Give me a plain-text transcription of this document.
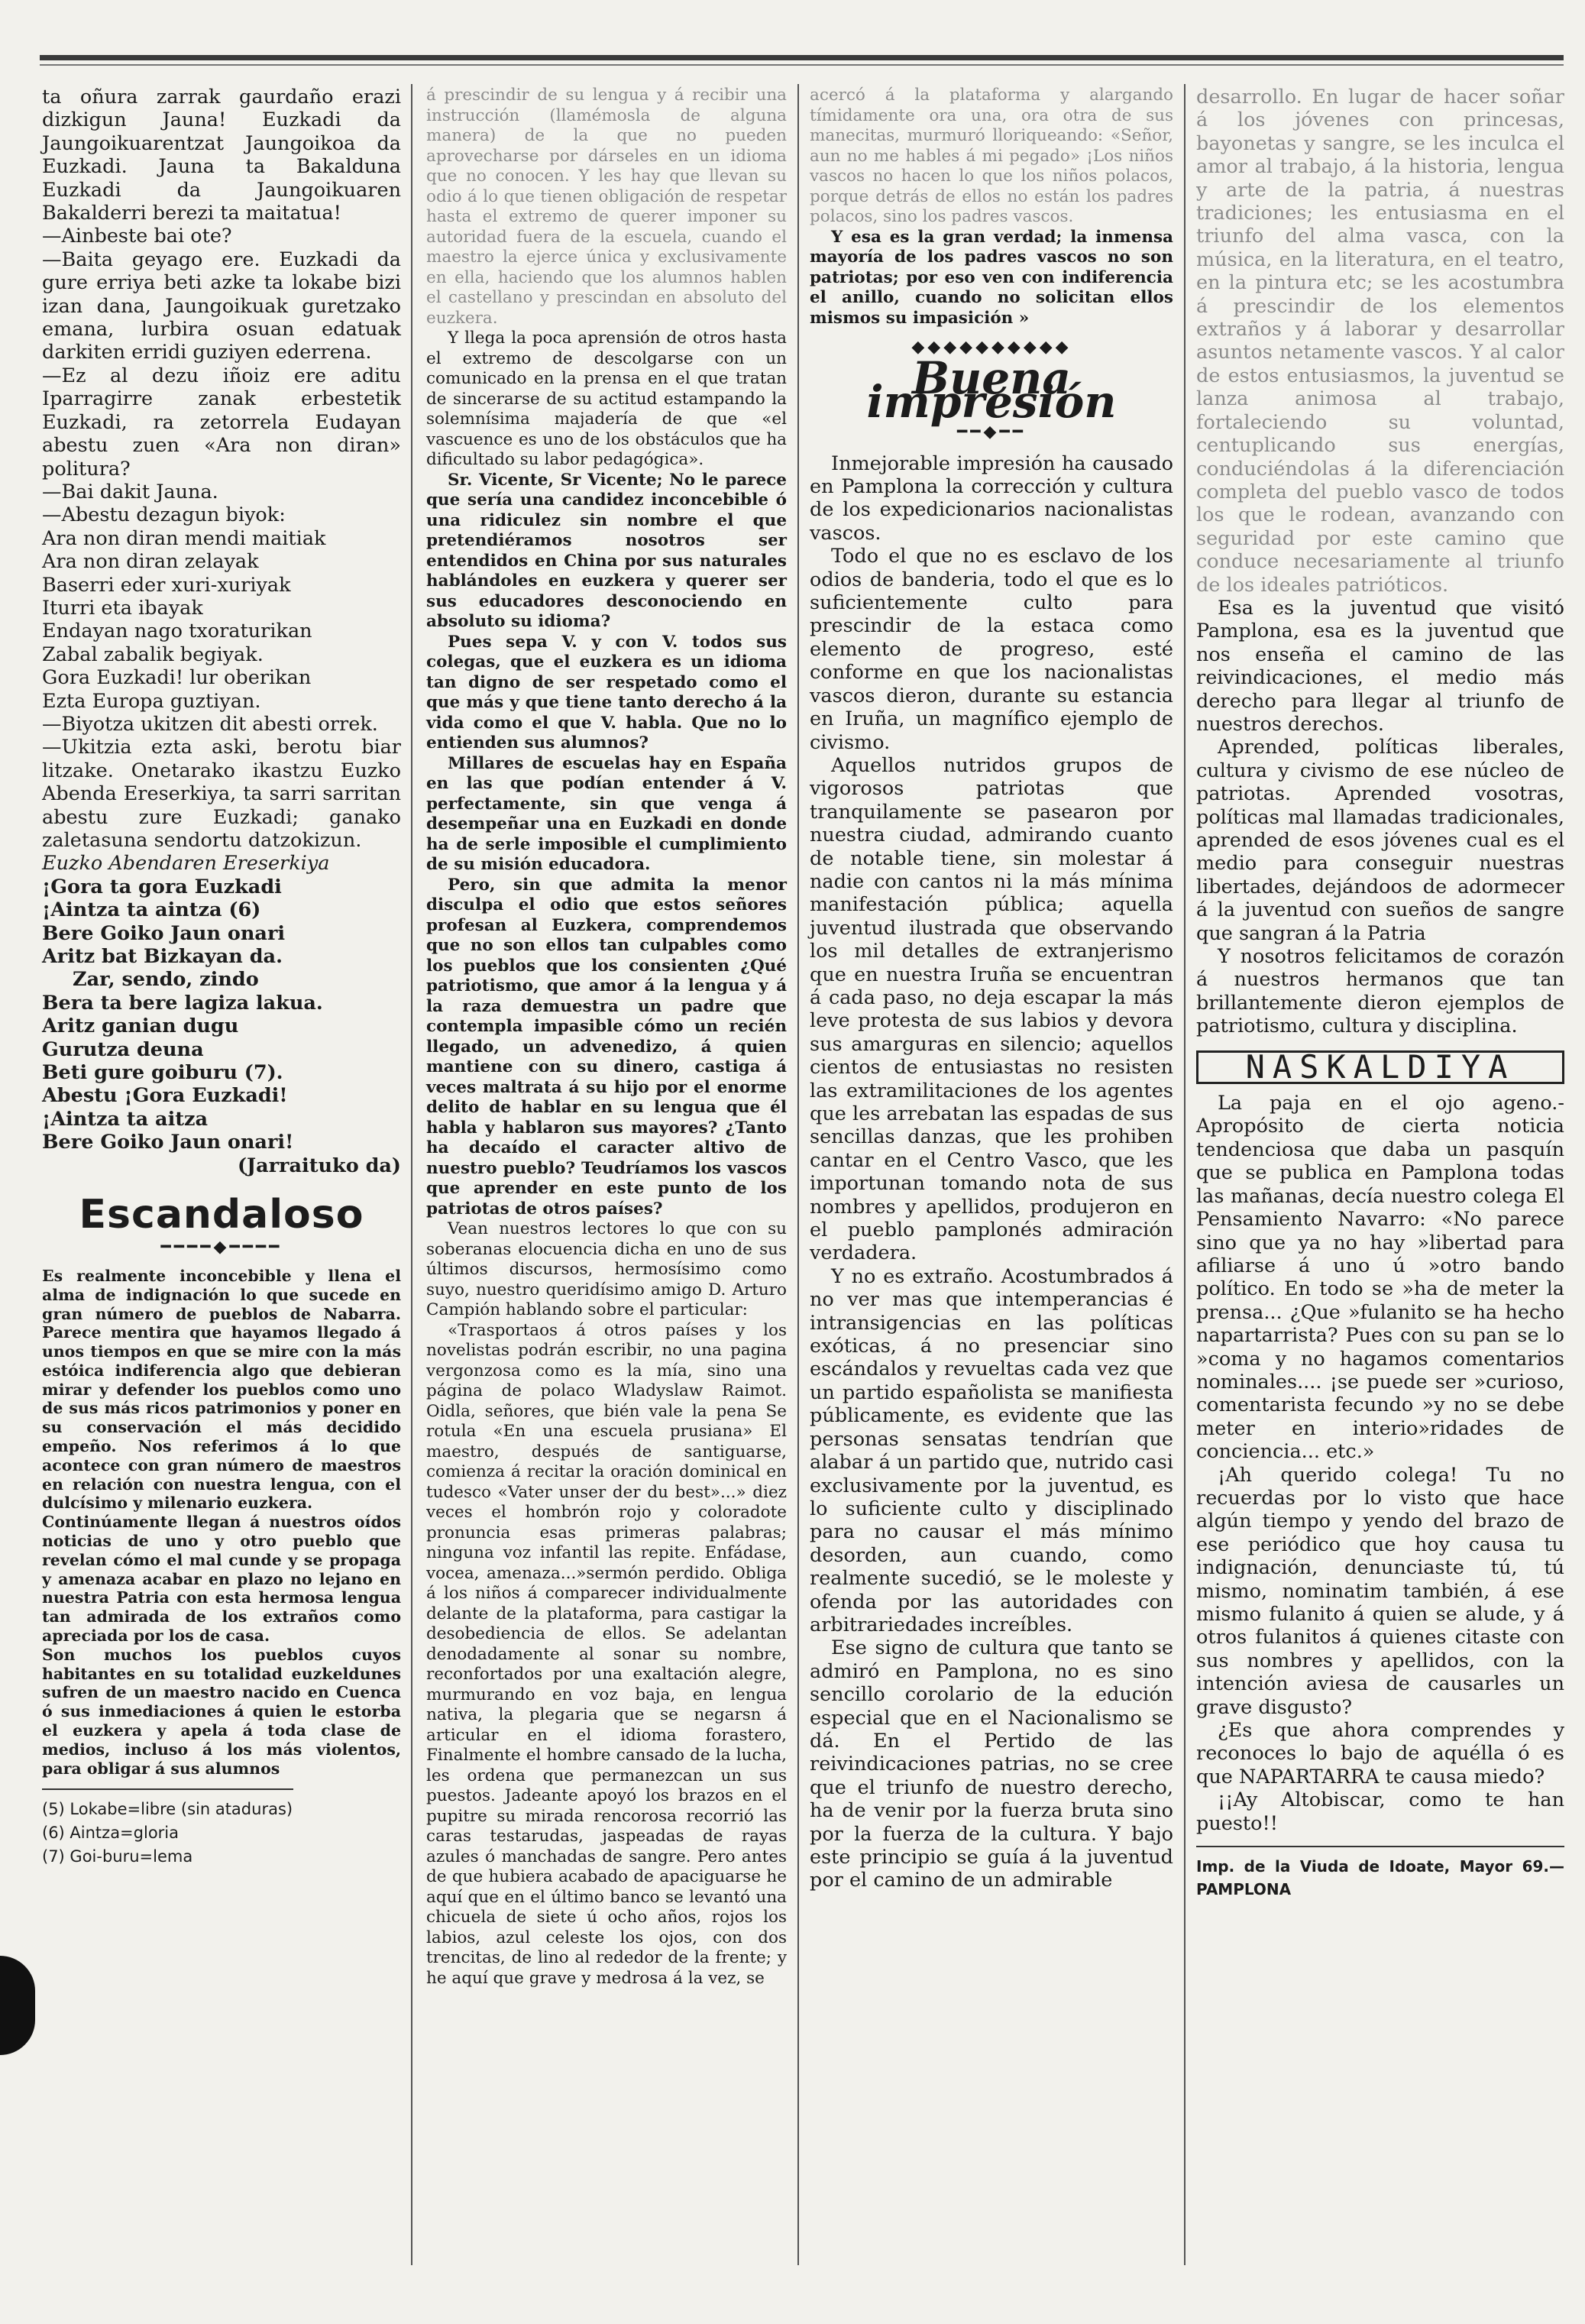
ta oñura zarrak gaurdaño erazi dizkigun Jauna! Euzkadi da Jaungoikuarentzat Jaungoikoa da Euzkadi. Jauna ta Bakalduna Euzkadi da Jaungoikuaren Bakalderri berezi ta maitatua!

—Ainbeste bai ote?

—Baita geyago ere. Euzkadi da gure erriya beti azke ta lokabe bizi izan dana, Jaungoikuak guretzako emana, lurbira osuan edatuak darkiten erridi guziyen ederrena.

—Ez al dezu iñoiz ere aditu Iparragirre zanak erbestetik Euzkadi, ra zetorrela Eudayan abestu zuen «Ara non diran» politura?

—Bai dakit Jauna.

—Abestu dezagun biyok:

Ara non diran mendi maitiak
Ara non diran zelayak
Baserri eder xuri-xuriyak
Iturri eta ibayak
Endayan nago txoraturikan
Zabal zabalik begiyak.
Gora Euzkadi! lur oberikan
Ezta Europa guztiyan.

—Biyotza ukitzen dit abesti orrek.

—Ukitzia ezta aski, berotu biar litzake. Onetarako ikastzu Euzko Abenda Ereserkiya, ta sarri sarritan abestu zure Euzkadi; ganako zaletasuna sendortu datzokizun.

Euzko Abendaren Ereserkiya

¡Gora ta gora Euzkadi
¡Aintza ta aintza (6)
Bere Goiko Jaun onari
Aritz bat Bizkayan da.
Zar, sendo, zindo
Bera ta bere lagiza lakua.
Aritz ganian dugu
Gurutza deuna
Beti gure goiburu (7).
Abestu ¡Gora Euzkadi!
¡Aintza ta aitza
Bere Goiko Jaun onari!

(Jarraituko da)

Escandaloso
━━━━◆━━━━

Es realmente inconcebible y llena el alma de indignación lo que sucede en gran número de pueblos de Nabarra. Parece mentira que hayamos llegado á unos tiempos en que se mire con la más estóica indiferencia algo que debieran mirar y defender los pueblos como uno de sus más ricos patrimonios y poner en su conservación el más decidido empeño. Nos referimos á lo que acontece con gran número de maestros en relación con nuestra lengua, con el dulcísimo y milenario euzkera.

Continúamente llegan á nuestros oídos noticias de uno y otro pueblo que revelan cómo el mal cunde y se propaga y amenaza acabar en plazo no lejano en nuestra Patria con esta hermosa lengua tan admirada de los extraños como apreciada por los de casa.

Son muchos los pueblos cuyos habitantes en su totalidad euzkeldunes sufren de un maestro nacido en Cuenca ó sus inmediaciones á quien le estorba el euzkera y apela á toda clase de medios, incluso á los más violentos, para obligar á sus alumnos

(5) Lokabe=libre (sin ataduras)

(6) Aintza=gloria

(7) Goi-buru=lema

á prescindir de su lengua y á recibir una instrucción (llamémosla de alguna manera) de la que no pueden aprovecharse por dárseles en un idioma que no conocen. Y les hay que llevan su odio á lo que tienen obligación de respetar hasta el extremo de querer imponer su autoridad fuera de la escuela, cuando el maestro la ejerce única y exclusivamente en ella, haciendo que los alumnos hablen el castellano y prescindan en absoluto del euzkera.

Y llega la poca aprensión de otros hasta el extremo de descolgarse con un comunicado en la prensa en el que tratan de sincerarse de su actitud estampando la solemnísima majadería de que «el vascuence es uno de los obstáculos que ha dificultado su labor pedagógica».

Sr. Vicente, Sr Vicente; No le parece que sería una candidez inconcebible ó una ridiculez sin nombre el que pretendiéramos nosotros ser entendidos en China por sus naturales hablándoles en euzkera y querer ser sus educadores desconociendo en absoluto su idioma?

Pues sepa V. y con V. todos sus colegas, que el euzkera es un idioma tan digno de ser respetado como el que más y que tiene tanto derecho á la vida como el que V. habla. Que no lo entienden sus alumnos?

Millares de escuelas hay en España en las que podían entender á V. perfectamente, sin que venga á desempeñar una en Euzkadi en donde ha de serle imposible el cumplimiento de su misión educadora.

Pero, sin que admita la menor disculpa el odio que estos señores profesan al Euzkera, comprendemos que no son ellos tan culpables como los pueblos que los consienten ¿Qué patriotismo, que amor á la lengua y á la raza demuestra un padre que contempla impasible cómo un recién llegado, un advenedizo, á quien mantiene con su dinero, castiga á veces maltrata á su hijo por el enorme delito de hablar en su lengua que él habla y hablaron sus mayores? ¿Tanto ha decaído el caracter altivo de nuestro pueblo? Teudríamos los vascos que aprender en este punto de los patriotas de otros países?

Vean nuestros lectores lo que con su soberanas elocuencia dicha en uno de sus últimos discursos, hermosísimo como suyo, nuestro queridísimo amigo D. Arturo Campión hablando sobre el particular:

«Trasportaos á otros países y los novelistas podrán escribir, no una pagina vergonzosa como es la mía, sino una página de polaco Wladyslaw Raimot. Oidla, señores, que bién vale la pena Se rotula «En una escuela prusiana» El maestro, después de santiguarse, comienza á recitar la oración dominical en tudesco «Vater unser der du best»...» diez veces el hombrón rojo y coloradote pronuncia esas primeras palabras; ninguna voz infantil las repite. Enfádase, vocea, amenaza...»sermón perdido. Obliga á los niños á comparecer individualmente delante de la plataforma, para castigar la desobediencia de ellos. Se adelantan denodadamente al sonar su nombre, reconfortados por una exaltación alegre, murmurando en voz baja, en lengua nativa, la plegaria que se negarsn á articular en el idioma forastero, Finalmente el hombre cansado de la lucha, les ordena que permanezcan un sus puestos. Jadeante apoyó los brazos en el pupitre su mirada rencorosa recorrió las caras testarudas, jaspeadas de rayas azules ó manchadas de sangre. Pero antes de que hubiera acabado de apaciguarse he aquí que en el último banco se levantó una chicuela de siete ú ocho años, rojos los labios, azul celeste los ojos, con dos trencitas, de lino al rededor de la frente; y he aquí que grave y medrosa á la vez, se

acercó á la plataforma y alargando tímidamente ora una, ora otra de sus manecitas, murmuró lloriqueando: «Señor, aun no me hables á mi pegado» ¡Los niños vascos no hacen lo que los niños polacos, porque detrás de ellos no están los padres polacos, sino los padres vascos.

Y esa es la gran verdad; la inmensa mayoría de los padres vascos no son patriotas; por eso ven con indiferencia el anillo, cuando no solicitan ellos mismos su impasición »

◆◆◆◆◆◆◆◆◆◆
Buena impresión
━━◆━━

Inmejorable impresión ha causado en Pamplona la corrección y cultura de los expedicionarios nacionalistas vascos.

Todo el que no es esclavo de los odios de banderia, todo el que es lo suficientemente culto para prescindir de la estaca como elemento de progreso, esté conforme en que los nacionalistas vascos dieron, durante su estancia en Iruña, un magnífico ejemplo de civismo.

Aquellos nutridos grupos de vigorosos patriotas que tranquilamente se pasearon por nuestra ciudad, admirando cuanto de notable tiene, sin molestar á nadie con cantos ni la más mínima manifestación pública; aquella juventud ilustrada que observando los mil detalles de extranjerismo que en nuestra Iruña se encuentran á cada paso, no deja escapar la más leve protesta de sus labios y devora sus amarguras en silencio; aquellos cientos de entusiastas no resisten las extramilitaciones de los agentes que les arrebatan las espadas de sus sencillas danzas, que les prohiben cantar en el Centro Vasco, que les importunan tomando nota de sus nombres y apellidos, produjeron en el pueblo pamplonés admiración verdadera.

Y no es extraño. Acostumbrados á no ver mas que intemperancias é intransigencias en las políticas exóticas, á no presenciar sino escándalos y revueltas cada vez que un partido españolista se manifiesta públicamente, es evidente que las personas sensatas tendrían que alabar á un partido que, nutrido casi exclusivamente por la juventud, es lo suficiente culto y disciplinado para no causar el más mínimo desorden, aun cuando, como realmente sucedió, se le moleste y ofenda por las autoridades con arbitrariedades increíbles.

Ese signo de cultura que tanto se admiró en Pamplona, no es sino sencillo corolario de la edución especial que en el Nacionalismo se dá. En el Pertido de las reivindicaciones patrias, no se cree que el triunfo de nuestro derecho, ha de venir por la fuerza bruta sino por la fuerza de la cultura. Y bajo este principio se guía á la juventud por el camino de un admirable

desarrollo. En lugar de hacer soñar á los jóvenes con princesas, bayonetas y sangre, se les inculca el amor al trabajo, á la historia, lengua y arte de la patria, á nuestras tradiciones; les entusiasma en el triunfo del alma vasca, con la música, en la literatura, en el teatro, en la pintura etc; se les acostumbra á prescindir de los elementos extraños y á laborar y desarrollar asuntos netamente vascos. Y al calor de estos entusiasmos, la juventud se lanza animosa al trabajo, fortaleciendo su voluntad, centuplicando sus energías, conduciéndolas á la diferenciación completa del pueblo vasco de todos los que le rodean, avanzando con seguridad por este camino que conduce necesariamente al triunfo de los ideales patrióticos.

Esa es la juventud que visitó Pamplona, esa es la juventud que nos enseña el camino de las reivindicaciones, el medio más derecho para llegar al triunfo de nuestros derechos.

Aprended, políticas liberales, cultura y civismo de ese núcleo de patriotas. Aprended vosotras, políticas mal llamadas tradicionales, aprended de esos jóvenes cual es el medio para conseguir nuestras libertades, dejándoos de adormecer á la juventud con sueños de sangre que sangran á la Patria

Y nosotros felicitamos de corazón á nuestros hermanos que tan brillantemente dieron ejemplos de patriotismo, cultura y disciplina.

NASKALDIYA

La paja en el ojo ageno.-Apropósito de cierta noticia tendenciosa que daba un pasquín que se publica en Pamplona todas las mañanas, decía nuestro colega El Pensamiento Navarro: «No parece sino que ya no hay »libertad para afiliarse á uno ú »otro bando político. En todo se »ha de meter la prensa... ¿Que »fulanito se ha hecho napartarrista? Pues con su pan se lo »coma y no hagamos comentarios nominales.... ¡se puede ser »curioso, comentarista fecundo »y no se debe meter en interio»ridades de conciencia... etc.»

¡Ah querido colega! Tu no recuerdas por lo visto que hace algún tiempo y yendo del brazo de ese periódico que hoy causa tu indignación, denunciaste tú, tú mismo, nominatim también, á ese mismo fulanito á quien se alude, y á otros fulanitos á quienes citaste con sus nombres y apellidos, con la intención aviesa de causarles un grave disgusto?

¿Es que ahora comprendes y reconoces lo bajo de aquélla ó es que NAPARTARRA te causa miedo?

¡¡Ay Altobiscar, como te han puesto!!

Imp. de la Viuda de Idoate, Mayor 69.—PAMPLONA
